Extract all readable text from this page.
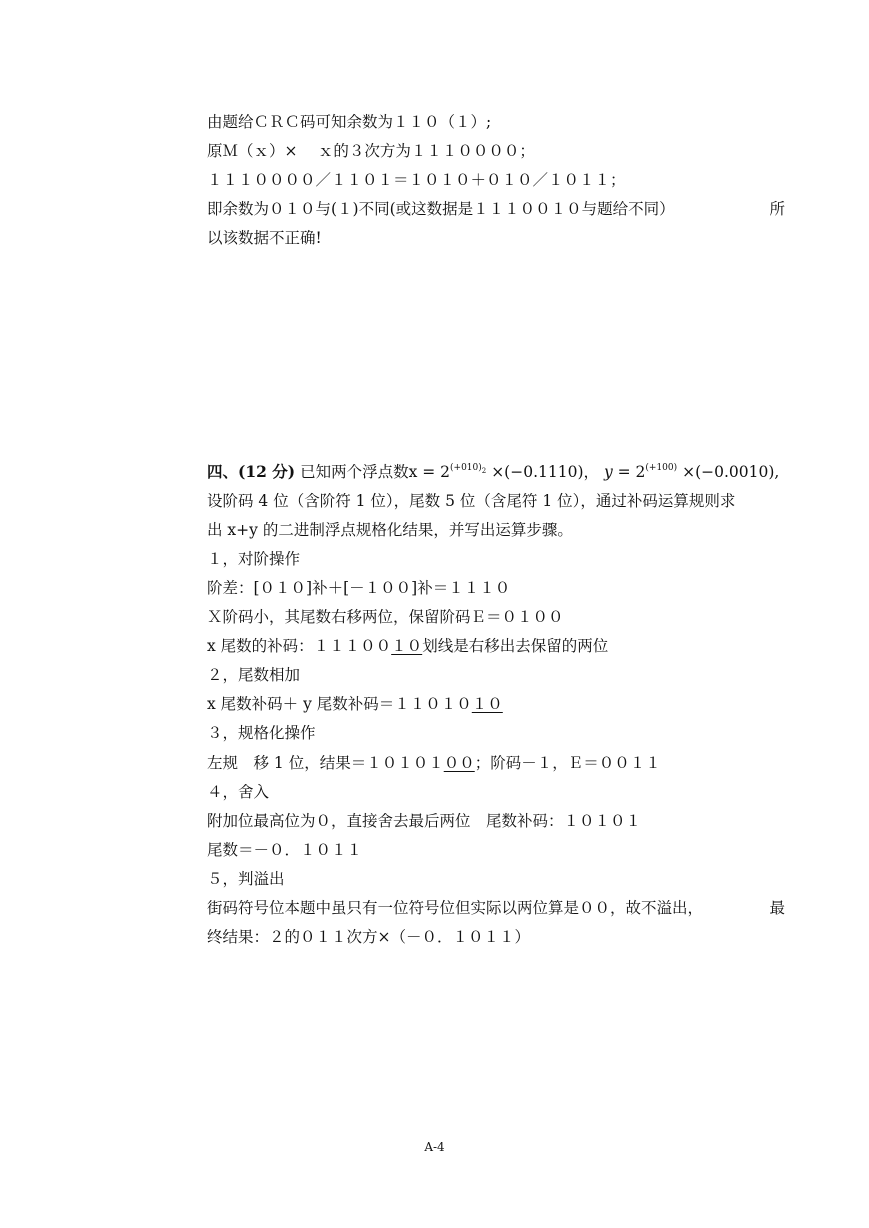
由题给ＣＲＣ码可知余数为１１０（１）;
原Ｍ（ｘ）×　 ｘ的３次方为１１１００００；
１１１００００／１１０１＝１０１０＋０１０／１０１１；
即余数为０１０与(１)不同(或这数据是１１１００１０与题给不同）	所
以该数据不正确!
四、(12 分) 已知两个浮点数$x = 2^{(+010)_2} \times(-0.1110)$， $y = 2^{(+100)} \times(-0.0010)$,
设阶码 4 位（含阶符 1 位），尾数 5 位（含尾符 1 位），通过补码运算规则求
出 x+y 的二进制浮点规格化结果，并写出运算步骤。
１，对阶操作
阶差：[０１０]补＋[－１００]补＝１１１０
Ｘ阶码小，其尾数右移两位，保留阶码Ｅ＝０１００
x 尾数的补码：１１１００１０划线是右移出去保留的两位
２，尾数相加
x 尾数补码＋ y 尾数补码＝１１０１０１０
３，规格化操作
左规　移 1 位，结果＝１０１０１００；阶码－１，Ｅ＝００１１
４，舍入
附加位最高位为０，直接舍去最后两位　尾数补码：１０１０１
尾数＝－０．１０１１
５，判溢出
街码符号位本题中虽只有一位符号位但实际以两位算是００，故不溢出，	最
终结果：２的０１１次方×（－０．１０１１）
A-4
